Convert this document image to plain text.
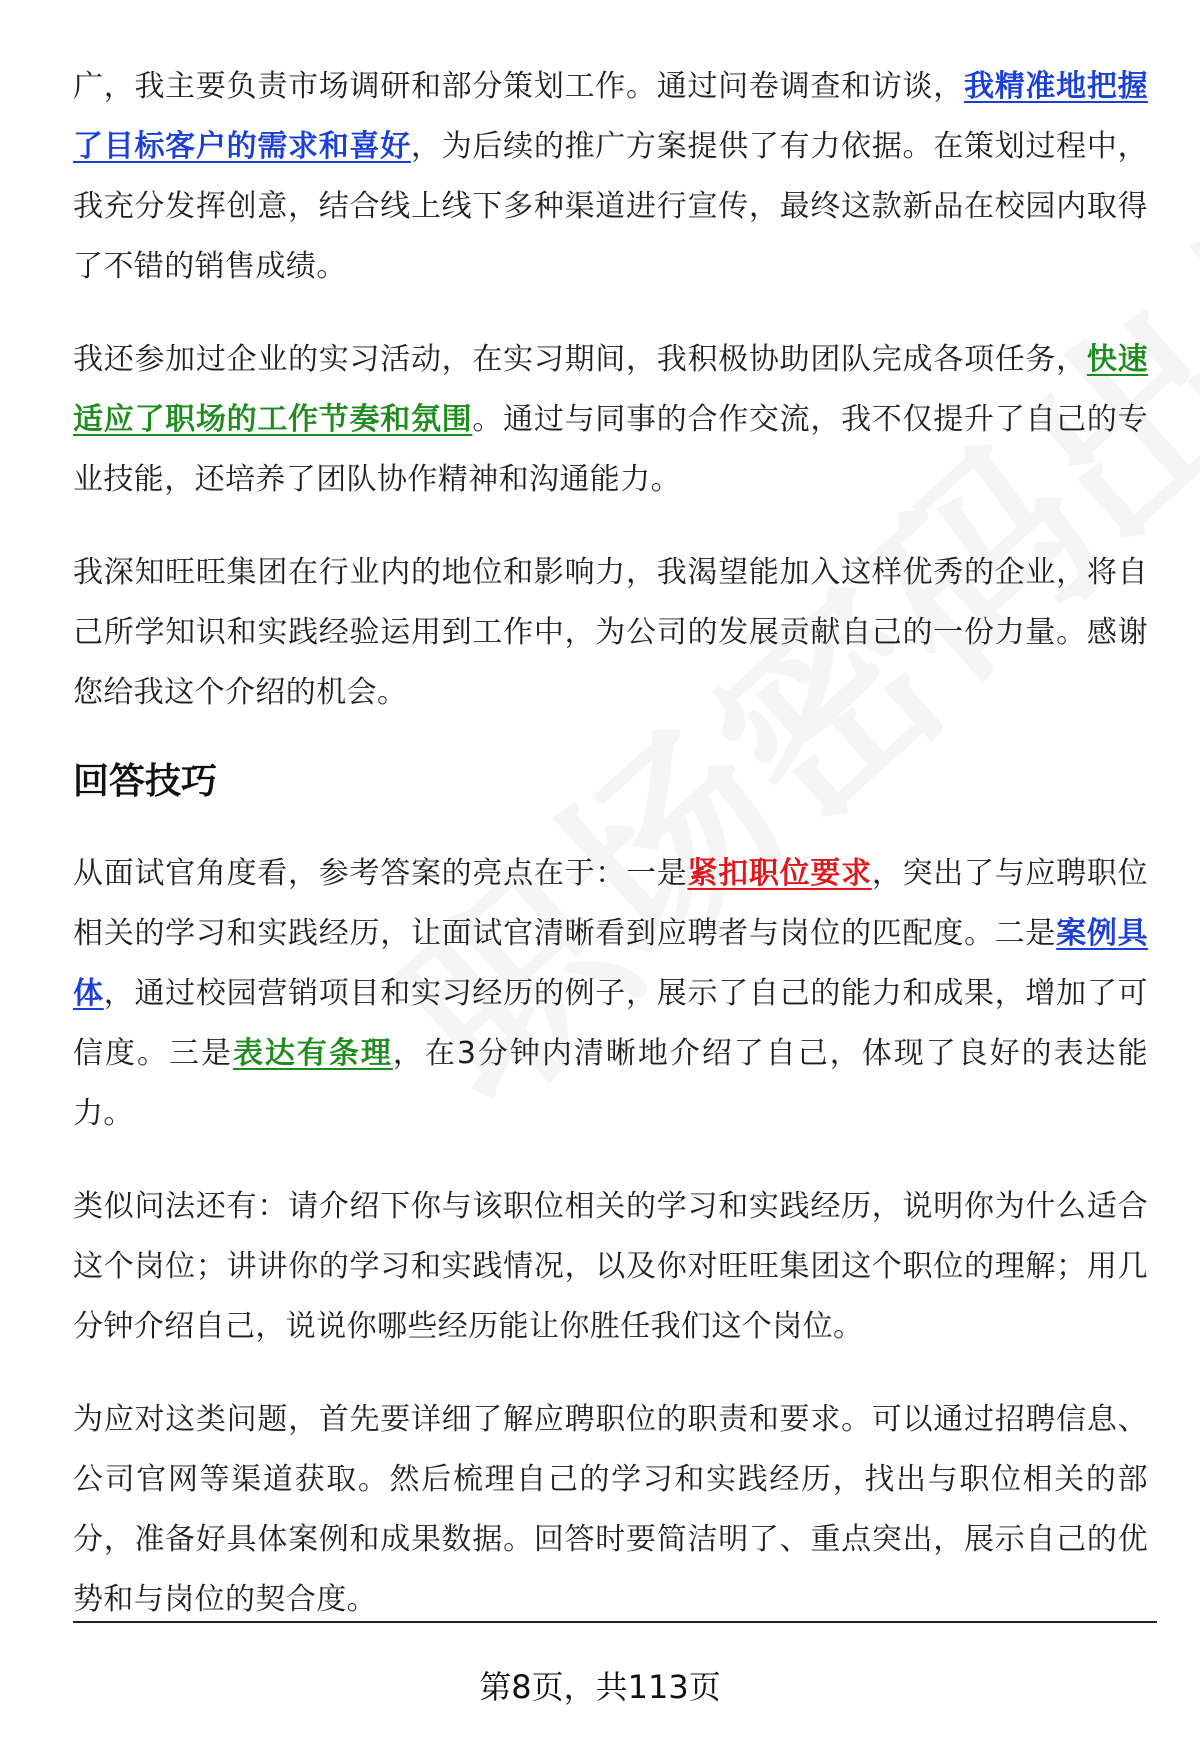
广，我主要负责市场调研和部分策划工作。通过问卷调查和访谈，我精准地把握了目标客户的需求和喜好，为后续的推广方案提供了有力依据。在策划过程中，我充分发挥创意，结合线上线下多种渠道进行宣传，最终这款新品在校园内取得了不错的销售成绩。

我还参加过企业的实习活动，在实习期间，我积极协助团队完成各项任务，快速适应了职场的工作节奏和氛围。通过与同事的合作交流，我不仅提升了自己的专业技能，还培养了团队协作精神和沟通能力。

我深知旺旺集团在行业内的地位和影响力，我渴望能加入这样优秀的企业，将自己所学知识和实践经验运用到工作中，为公司的发展贡献自己的一份力量。感谢您给我这个介绍的机会。

回答技巧

从面试官角度看，参考答案的亮点在于：一是紧扣职位要求，突出了与应聘职位相关的学习和实践经历，让面试官清晰看到应聘者与岗位的匹配度。二是案例具体，通过校园营销项目和实习经历的例子，展示了自己的能力和成果，增加了可信度。三是表达有条理，在3分钟内清晰地介绍了自己，体现了良好的表达能力。

类似问法还有：请介绍下你与该职位相关的学习和实践经历，说明你为什么适合这个岗位；讲讲你的学习和实践情况，以及你对旺旺集团这个职位的理解；用几分钟介绍自己，说说你哪些经历能让你胜任我们这个岗位。

为应对这类问题，首先要详细了解应聘职位的职责和要求。可以通过招聘信息、公司官网等渠道获取。然后梳理自己的学习和实践经历，找出与职位相关的部分，准备好具体案例和成果数据。回答时要简洁明了、重点突出，展示自己的优势和与岗位的契合度。

第8页，共113页
